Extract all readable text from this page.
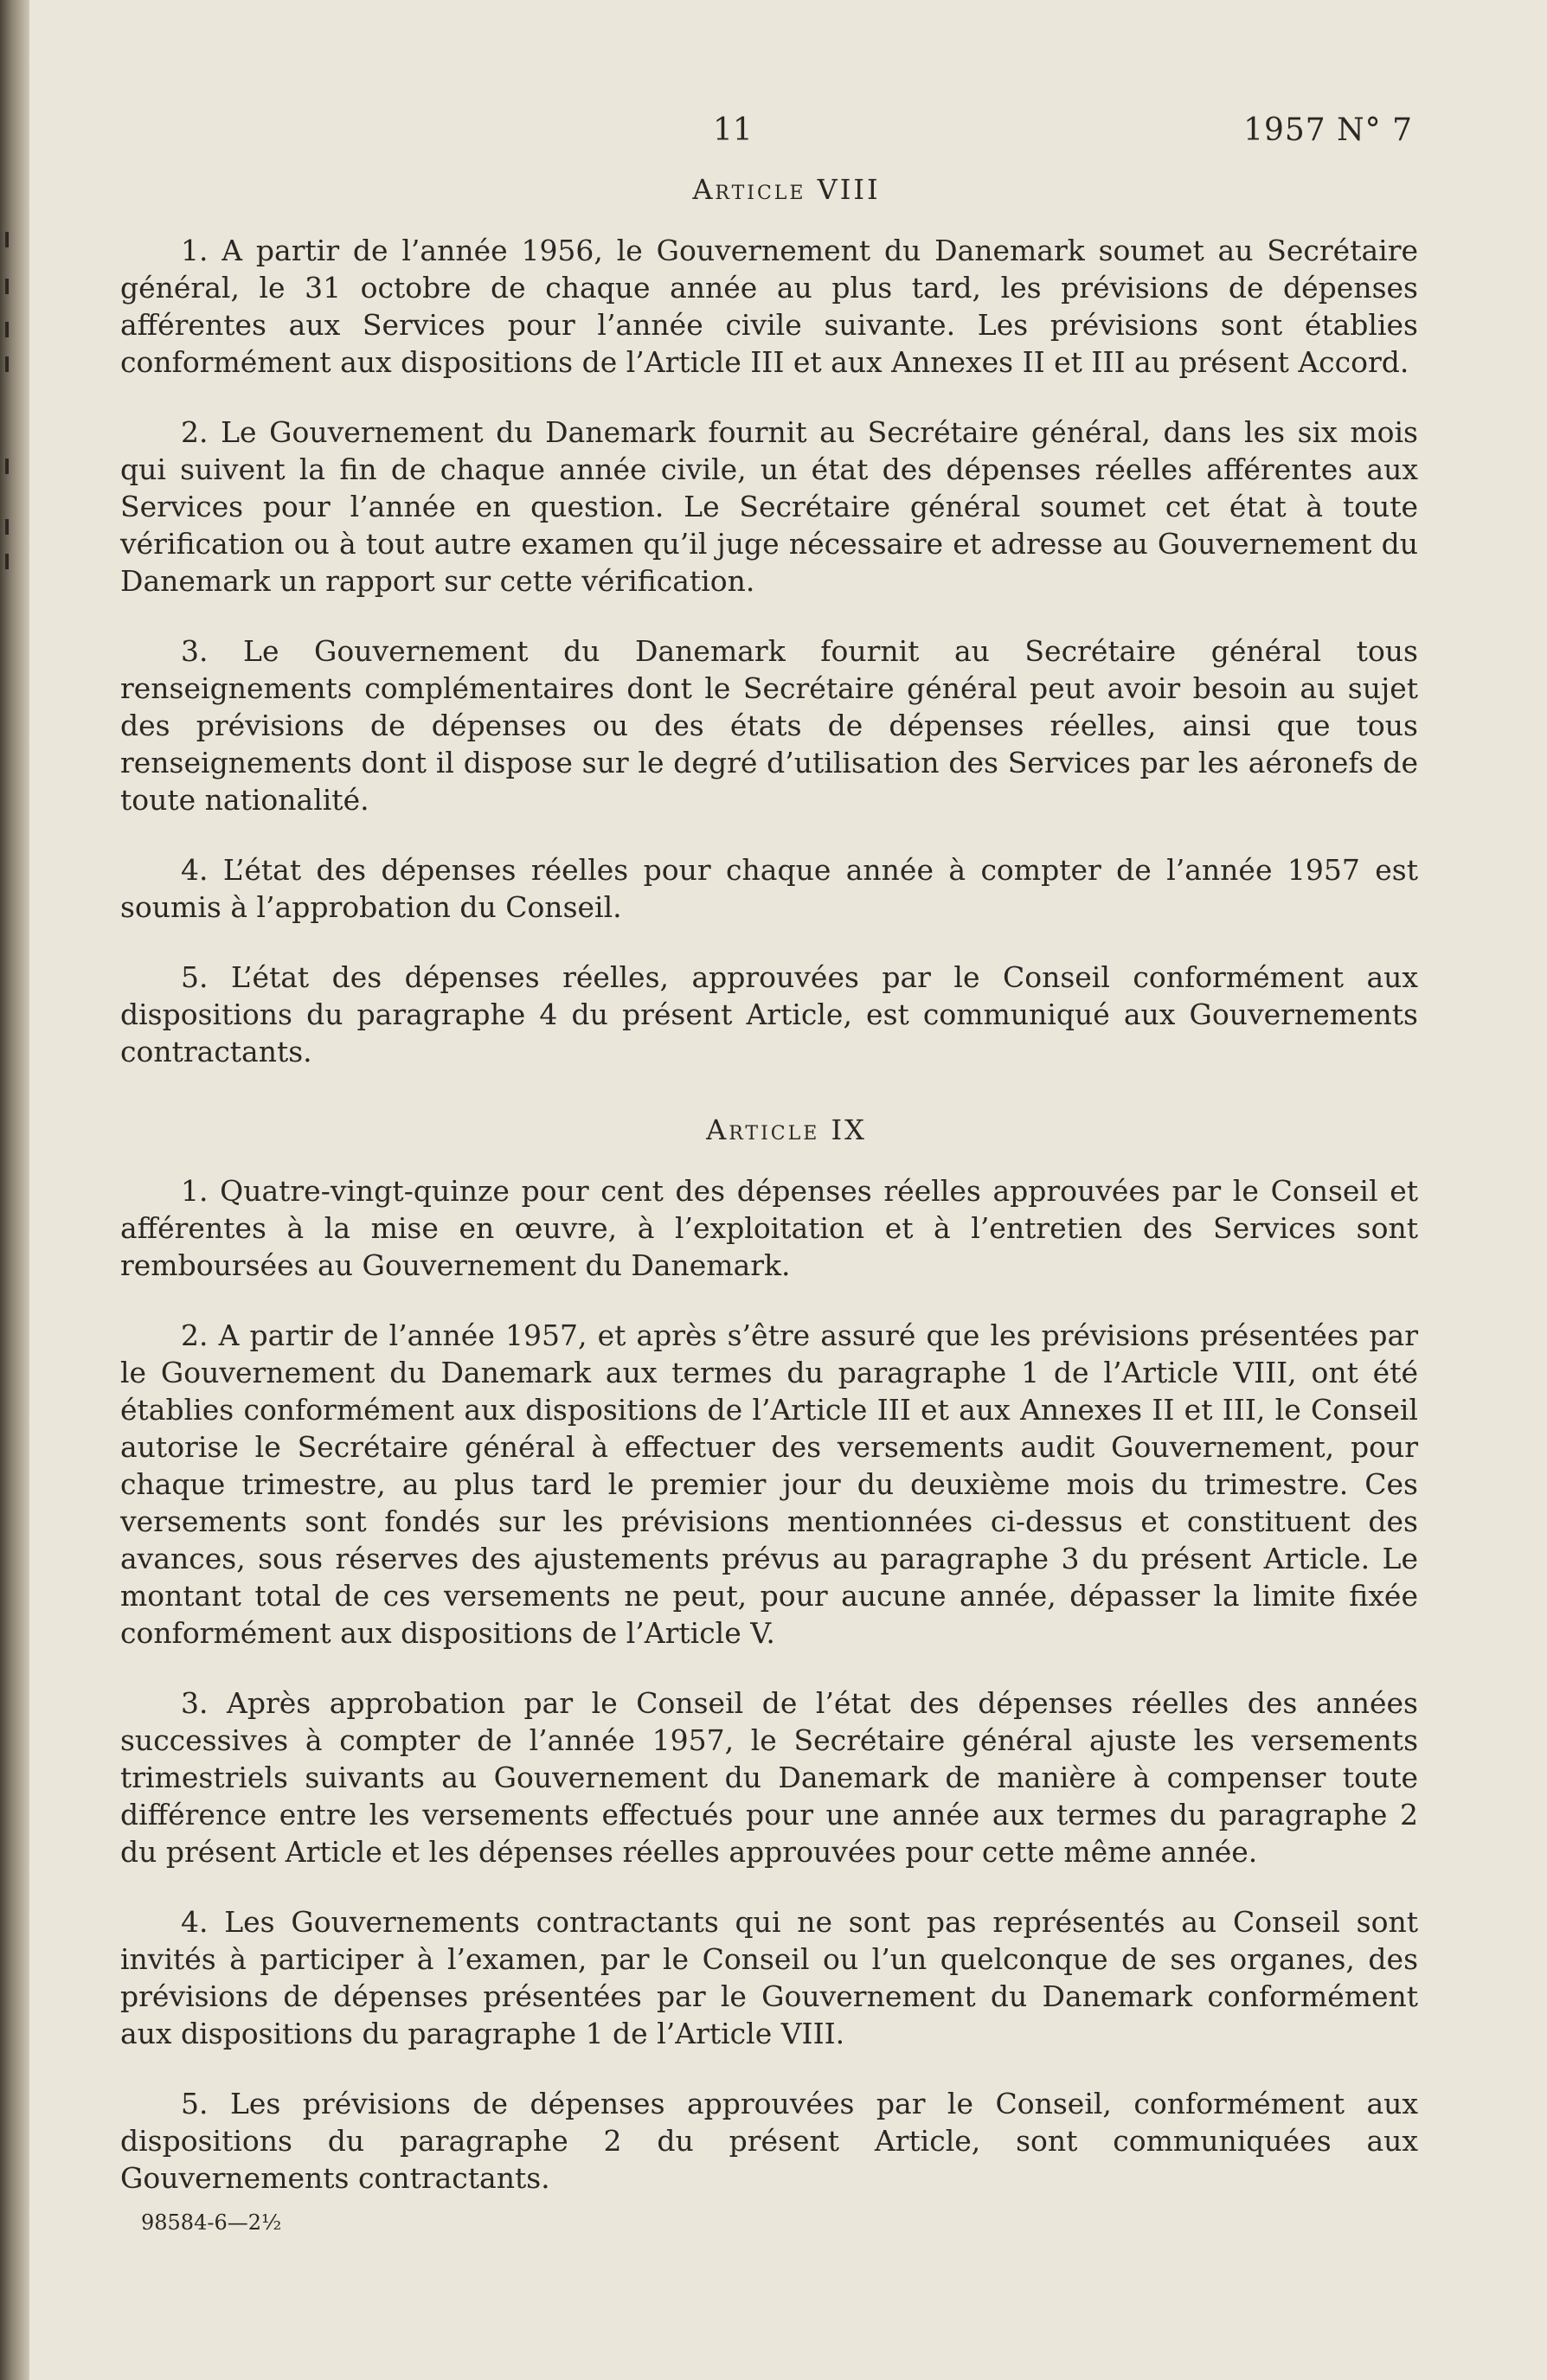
11	1957 N° 7
Article VIII

1. A partir de l’année 1956, le Gouvernement du Danemark soumet au Secrétaire général, le 31 octobre de chaque année au plus tard, les prévisions de dépenses afférentes aux Services pour l’année civile suivante. Les prévisions sont établies conformément aux dispositions de l’Article III et aux Annexes II et III au présent Accord.

2. Le Gouvernement du Danemark fournit au Secrétaire général, dans les six mois qui suivent la fin de chaque année civile, un état des dépenses réelles afférentes aux Services pour l’année en question. Le Secrétaire général soumet cet état à toute vérification ou à tout autre examen qu’il juge nécessaire et adresse au Gouvernement du Danemark un rapport sur cette vérification.

3. Le Gouvernement du Danemark fournit au Secrétaire général tous renseignements complémentaires dont le Secrétaire général peut avoir besoin au sujet des prévisions de dépenses ou des états de dépenses réelles, ainsi que tous renseignements dont il dispose sur le degré d’utilisation des Services par les aéronefs de toute nationalité.

4. L’état des dépenses réelles pour chaque année à compter de l’année 1957 est soumis à l’approbation du Conseil.

5. L’état des dépenses réelles, approuvées par le Conseil conformément aux dispositions du paragraphe 4 du présent Article, est communiqué aux Gouvernements contractants.

Article IX

1. Quatre-vingt-quinze pour cent des dépenses réelles approuvées par le Conseil et afférentes à la mise en œuvre, à l’exploitation et à l’entretien des Services sont remboursées au Gouvernement du Danemark.

2. A partir de l’année 1957, et après s’être assuré que les prévisions présentées par le Gouvernement du Danemark aux termes du paragraphe 1 de l’Article VIII, ont été établies conformément aux dispositions de l’Article III et aux Annexes II et III, le Conseil autorise le Secrétaire général à effectuer des versements audit Gouvernement, pour chaque trimestre, au plus tard le premier jour du deuxième mois du trimestre. Ces versements sont fondés sur les prévisions mentionnées ci-dessus et constituent des avances, sous réserves des ajustements prévus au paragraphe 3 du présent Article. Le montant total de ces versements ne peut, pour aucune année, dépasser la limite fixée conformément aux dispositions de l’Article V.

3. Après approbation par le Conseil de l’état des dépenses réelles des années successives à compter de l’année 1957, le Secrétaire général ajuste les versements trimestriels suivants au Gouvernement du Danemark de manière à compenser toute différence entre les versements effectués pour une année aux termes du paragraphe 2 du présent Article et les dépenses réelles approuvées pour cette même année.

4. Les Gouvernements contractants qui ne sont pas représentés au Conseil sont invités à participer à l’examen, par le Conseil ou l’un quelconque de ses organes, des prévisions de dépenses présentées par le Gouvernement du Danemark conformément aux dispositions du paragraphe 1 de l’Article VIII.

5. Les prévisions de dépenses approuvées par le Conseil, conformément aux dispositions du paragraphe 2 du présent Article, sont communiquées aux Gouvernements contractants.

98584-6—2½
